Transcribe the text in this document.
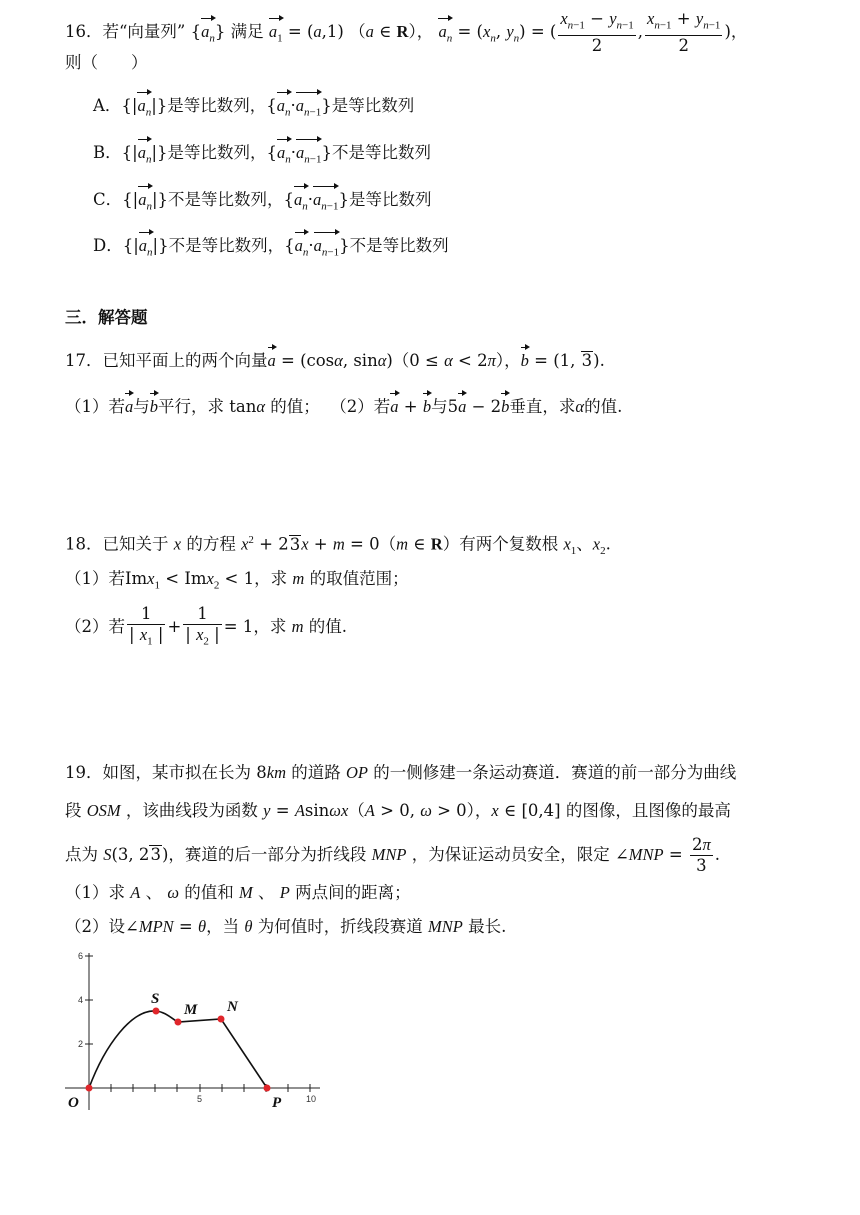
16．若“向量列” $\{a_n\}$ 满足 $a_1 = (a,1)$ （a ∈ R）， $a_n = (x_n$, $y_n$) = ( $\frac{x_{n-1} - y_{n-1}}{2}$ , $\frac{x_{n-1} + y_{n-1}}{2}$ )，
则（　　）
A．$\{|a_n|\}$是等比数列，$\{a_n\cdot a_{n-1}\}$是等比数列
B．$\{|a_n|\}$是等比数列，$\{a_n\cdot a_{n-1}\}$不是等比数列
C．$\{|a_n|\}$不是等比数列，$\{a_n\cdot a_{n-1}\}$是等比数列
D．$\{|a_n|\}$不是等比数列，$\{a_n\cdot a_{n-1}\}$不是等比数列
三．解答题
17．已知平面上的两个向量a = (cosα, sinα)（0 ≤ α < 2π），b = (1, 3).
（1）若a与b平行，求 tanα 的值； （2）若a + b与5a − 2b垂直，求α的值.
18．已知关于 x 的方程 $x^2 + 23x + m = 0(m$ ∈ R）有两个复数根 $x_1$、$x_2$.
（1）若Imx$_1$ < Imx$_2$ < 1，求 m 的取值范围；
（2）若 $\frac{1}{| x_1 |} + \frac{1}{| x_2 |} = 1$，求 m 的值.
19．如图，某市拟在长为 8km 的道路 OP 的一侧修建一条运动赛道．赛道的前一部分为曲线
段 OSM ，该曲线段为函数 y = Asinωx（A > 0, ω > 0），x ∈ [0,4] 的图像，且图像的最高
点为 S(3, 23)，赛道的后一部分为折线段 MNP ，为保证运动员安全，限定 ∠MNP = $\frac{2\pi}{3}$ .
（1）求 A 、 ω 的值和 M 、 P 两点间的距离；
（2）设∠MPN = θ，当 θ 为何值时，折线段赛道 MNP 最长.
6
4
2
5	10
O
S
M N
P
